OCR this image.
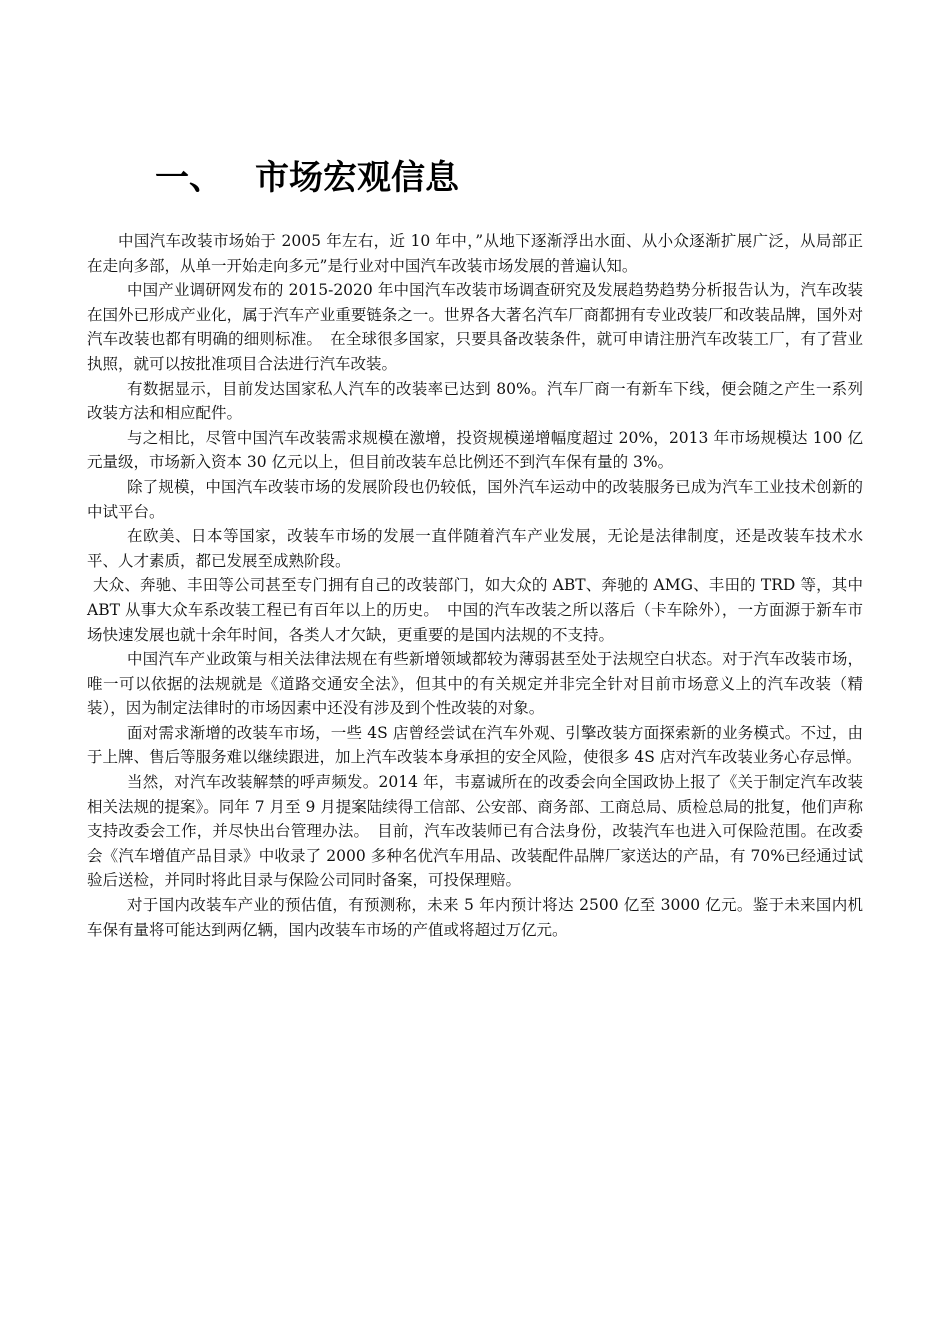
一、 市场宏观信息

中国汽车改装市场始于 2005 年左右，近 10 年中，”从地下逐渐浮出水面、从小众逐渐扩展广泛，从局部正在走向多部，从单一开始走向多元”是行业对中国汽车改装市场发展的普遍认知。

中国产业调研网发布的 2015-2020 年中国汽车改装市场调查研究及发展趋势趋势分析报告认为，汽车改装在国外已形成产业化，属于汽车产业重要链条之一。世界各大著名汽车厂商都拥有专业改装厂和改装品牌，国外对汽车改装也都有明确的细则标准。　在全球很多国家，只要具备改装条件，就可申请注册汽车改装工厂，有了营业执照，就可以按批准项目合法进行汽车改装。

有数据显示，目前发达国家私人汽车的改装率已达到 80%。汽车厂商一有新车下线，便会随之产生一系列改装方法和相应配件。

与之相比，尽管中国汽车改装需求规模在激增，投资规模递增幅度超过 20%，2013 年市场规模达 100 亿元量级，市场新入资本 30 亿元以上，但目前改装车总比例还不到汽车保有量的 3%。

除了规模，中国汽车改装市场的发展阶段也仍较低，国外汽车运动中的改装服务已成为汽车工业技术创新的中试平台。

在欧美、日本等国家，改装车市场的发展一直伴随着汽车产业发展，无论是法律制度，还是改装车技术水平、人才素质，都已发展至成熟阶段。

大众、奔驰、丰田等公司甚至专门拥有自己的改装部门，如大众的 ABT、奔驰的 AMG、丰田的 TRD 等，其中 ABT 从事大众车系改装工程已有百年以上的历史。　中国的汽车改装之所以落后（卡车除外），一方面源于新车市场快速发展也就十余年时间，各类人才欠缺，更重要的是国内法规的不支持。

中国汽车产业政策与相关法律法规在有些新增领域都较为薄弱甚至处于法规空白状态。对于汽车改装市场，唯一可以依据的法规就是《道路交通安全法》，但其中的有关规定并非完全针对目前市场意义上的汽车改装（精装），因为制定法律时的市场因素中还没有涉及到个性改装的对象。

面对需求渐增的改装车市场，一些 4S 店曾经尝试在汽车外观、引擎改装方面探索新的业务模式。不过，由于上牌、售后等服务难以继续跟进，加上汽车改装本身承担的安全风险，使很多 4S 店对汽车改装业务心存忌惮。

当然，对汽车改装解禁的呼声频发。2014 年，韦嘉诚所在的改委会向全国政协上报了《关于制定汽车改装相关法规的提案》。同年 7 月至 9 月提案陆续得工信部、公安部、商务部、工商总局、质检总局的批复，他们声称支持改委会工作，并尽快出台管理办法。　目前，汽车改装师已有合法身份，改装汽车也进入可保险范围。在改委会《汽车增值产品目录》中收录了 2000 多种名优汽车用品、改装配件品牌厂家送达的产品，有 70%已经通过试验后送检，并同时将此目录与保险公司同时备案，可投保理赔。

对于国内改装车产业的预估值，有预测称，未来 5 年内预计将达 2500 亿至 3000 亿元。鉴于未来国内机车保有量将可能达到两亿辆，国内改装车市场的产值或将超过万亿元。
